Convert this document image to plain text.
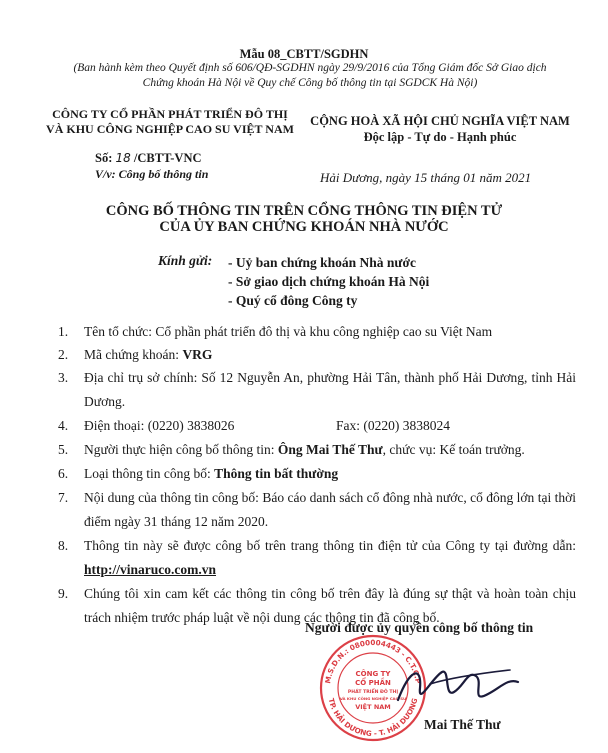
Mẫu 08_CBTT/SGDHN
(Ban hành kèm theo Quyết định số 606/QĐ-SGDHN ngày 29/9/2016 của Tổng Giám đốc Sở Giao dịch Chứng khoán Hà Nội về Quy chế Công bố thông tin tại SGDCK Hà Nội)
CÔNG TY CỔ PHẦN PHÁT TRIỂN ĐÔ THỊ
VÀ KHU CÔNG NGHIỆP CAO SU VIỆT NAM
CỘNG HOÀ XÃ HỘI CHỦ NGHĨA VIỆT NAM
Độc lập - Tự do - Hạnh phúc
Số: 18 /CBTT-VNC
V/v: Công bố thông tin	Hải Dương, ngày 15 tháng 01 năm 2021
CÔNG BỐ THÔNG TIN TRÊN CỔNG THÔNG TIN ĐIỆN TỬ
CỦA ỦY BAN CHỨNG KHOÁN NHÀ NƯỚC
Kính gửi: - Uỷ ban chứng khoán Nhà nước
- Sở giao dịch chứng khoán Hà Nội
- Quý cổ đông Công ty
1.	Tên tổ chức: Cổ phần phát triển đô thị và khu công nghiệp cao su Việt Nam
2.	Mã chứng khoán: VRG
3.	Địa chỉ trụ sở chính: Số 12 Nguyễn An, phường Hải Tân, thành phố Hải Dương, tỉnh Hải Dương.
4.	Điện thoại: (0220) 3838026	Fax: (0220) 3838024
5.	Người thực hiện công bố thông tin: Ông Mai Thế Thư, chức vụ: Kế toán trưởng.
6.	Loại thông tin công bố: Thông tin bất thường
7.	Nội dung của thông tin công bố: Báo cáo danh sách cổ đông nhà nước, cổ đông lớn tại thời điểm ngày 31 tháng 12 năm 2020.
8.	Thông tin này sẽ được công bố trên trang thông tin điện tử của Công ty tại đường dẫn: http://vinaruco.com.vn
9.	Chúng tôi xin cam kết các thông tin công bố trên đây là đúng sự thật và hoàn toàn chịu trách nhiệm trước pháp luật về nội dung các thông tin đã công bố.
Người được ủy quyền công bố thông tin
M.S.D.N.: 0800004443 - C.T.C.P
TP. HẢI DƯƠNG - T. HẢI DƯƠNG
CÔNG TY
CỔ PHẦN
PHÁT TRIỂN ĐÔ THỊ
VÀ KHU CÔNG NGHIỆP CAO SU
VIỆT NAM
Mai Thế Thư
